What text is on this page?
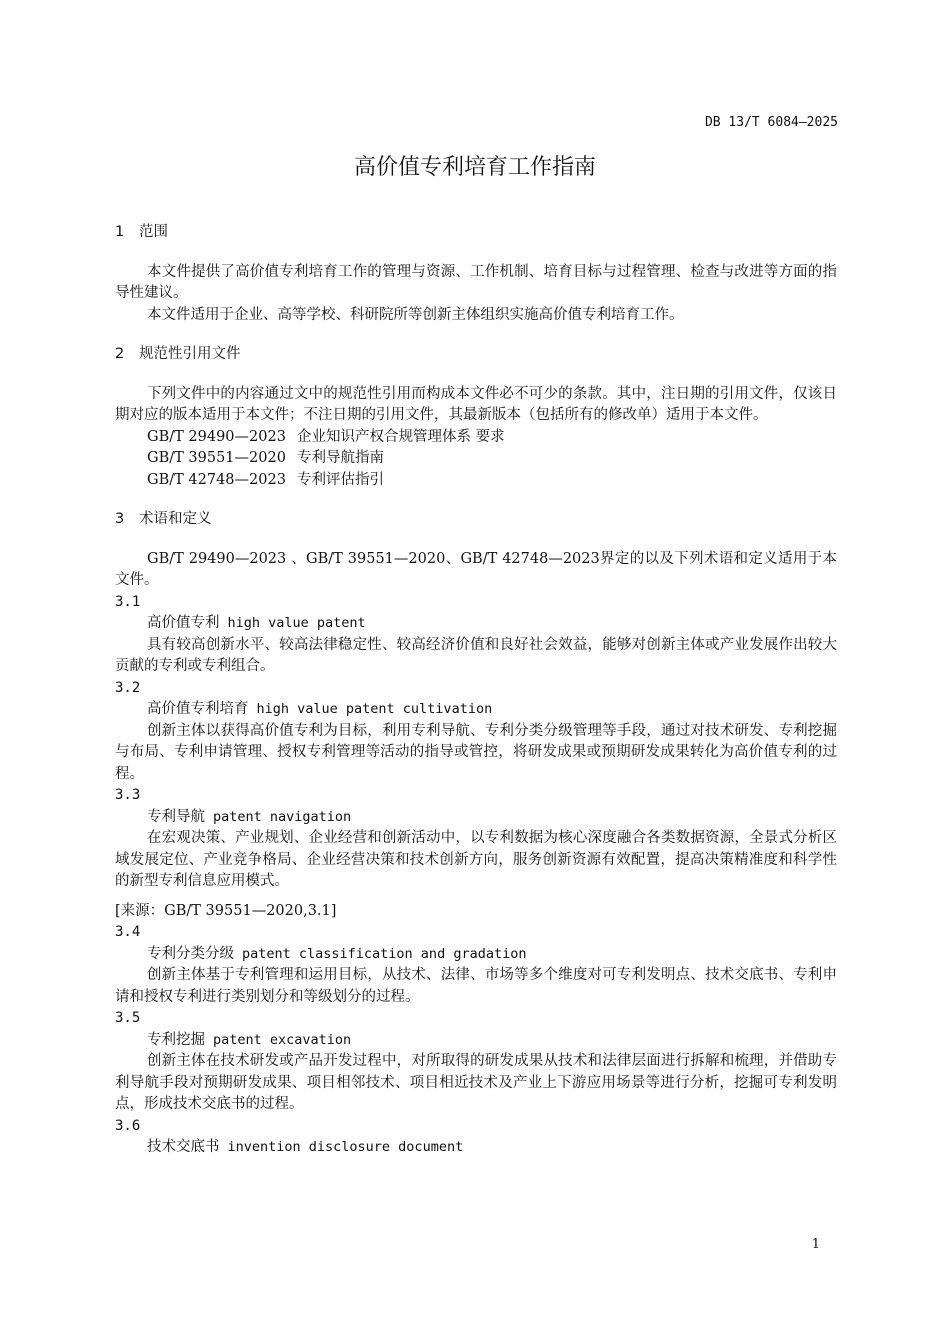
DB 13/T 6084—2025
高价值专利培育工作指南

1 范围

本文件提供了高价值专利培育工作的管理与资源、工作机制、培育目标与过程管理、检查与改进等方面的指导性建议。

本文件适用于企业、高等学校、科研院所等创新主体组织实施高价值专利培育工作。

2 规范性引用文件

下列文件中的内容通过文中的规范性引用而构成本文件必不可少的条款。其中，注日期的引用文件，仅该日期对应的版本适用于本文件；不注日期的引用文件，其最新版本（包括所有的修改单）适用于本文件。

GB/T 29490—2023 企业知识产权合规管理体系 要求

GB/T 39551—2020 专利导航指南

GB/T 42748—2023 专利评估指引

3 术语和定义

GB/T 29490—2023 、GB/T 39551—2020、GB/T 42748—2023界定的以及下列术语和定义适用于本文件。

3.1

高价值专利 high value patent

具有较高创新水平、较高法律稳定性、较高经济价值和良好社会效益，能够对创新主体或产业发展作出较大贡献的专利或专利组合。

3.2

高价值专利培育 high value patent cultivation

创新主体以获得高价值专利为目标，利用专利导航、专利分类分级管理等手段，通过对技术研发、专利挖掘与布局、专利申请管理、授权专利管理等活动的指导或管控，将研发成果或预期研发成果转化为高价值专利的过程。

3.3

专利导航 patent navigation

在宏观决策、产业规划、企业经营和创新活动中，以专利数据为核心深度融合各类数据资源，全景式分析区域发展定位、产业竞争格局、企业经营决策和技术创新方向，服务创新资源有效配置，提高决策精准度和科学性的新型专利信息应用模式。

[来源：GB/T 39551—2020,3.1]

3.4

专利分类分级 patent classification and gradation

创新主体基于专利管理和运用目标，从技术、法律、市场等多个维度对可专利发明点、技术交底书、专利申请和授权专利进行类别划分和等级划分的过程。

3.5

专利挖掘 patent excavation

创新主体在技术研发或产品开发过程中，对所取得的研发成果从技术和法律层面进行拆解和梳理，并借助专利导航手段对预期研发成果、项目相邻技术、项目相近技术及产业上下游应用场景等进行分析，挖掘可专利发明点，形成技术交底书的过程。

3.6

技术交底书 invention disclosure document

1
